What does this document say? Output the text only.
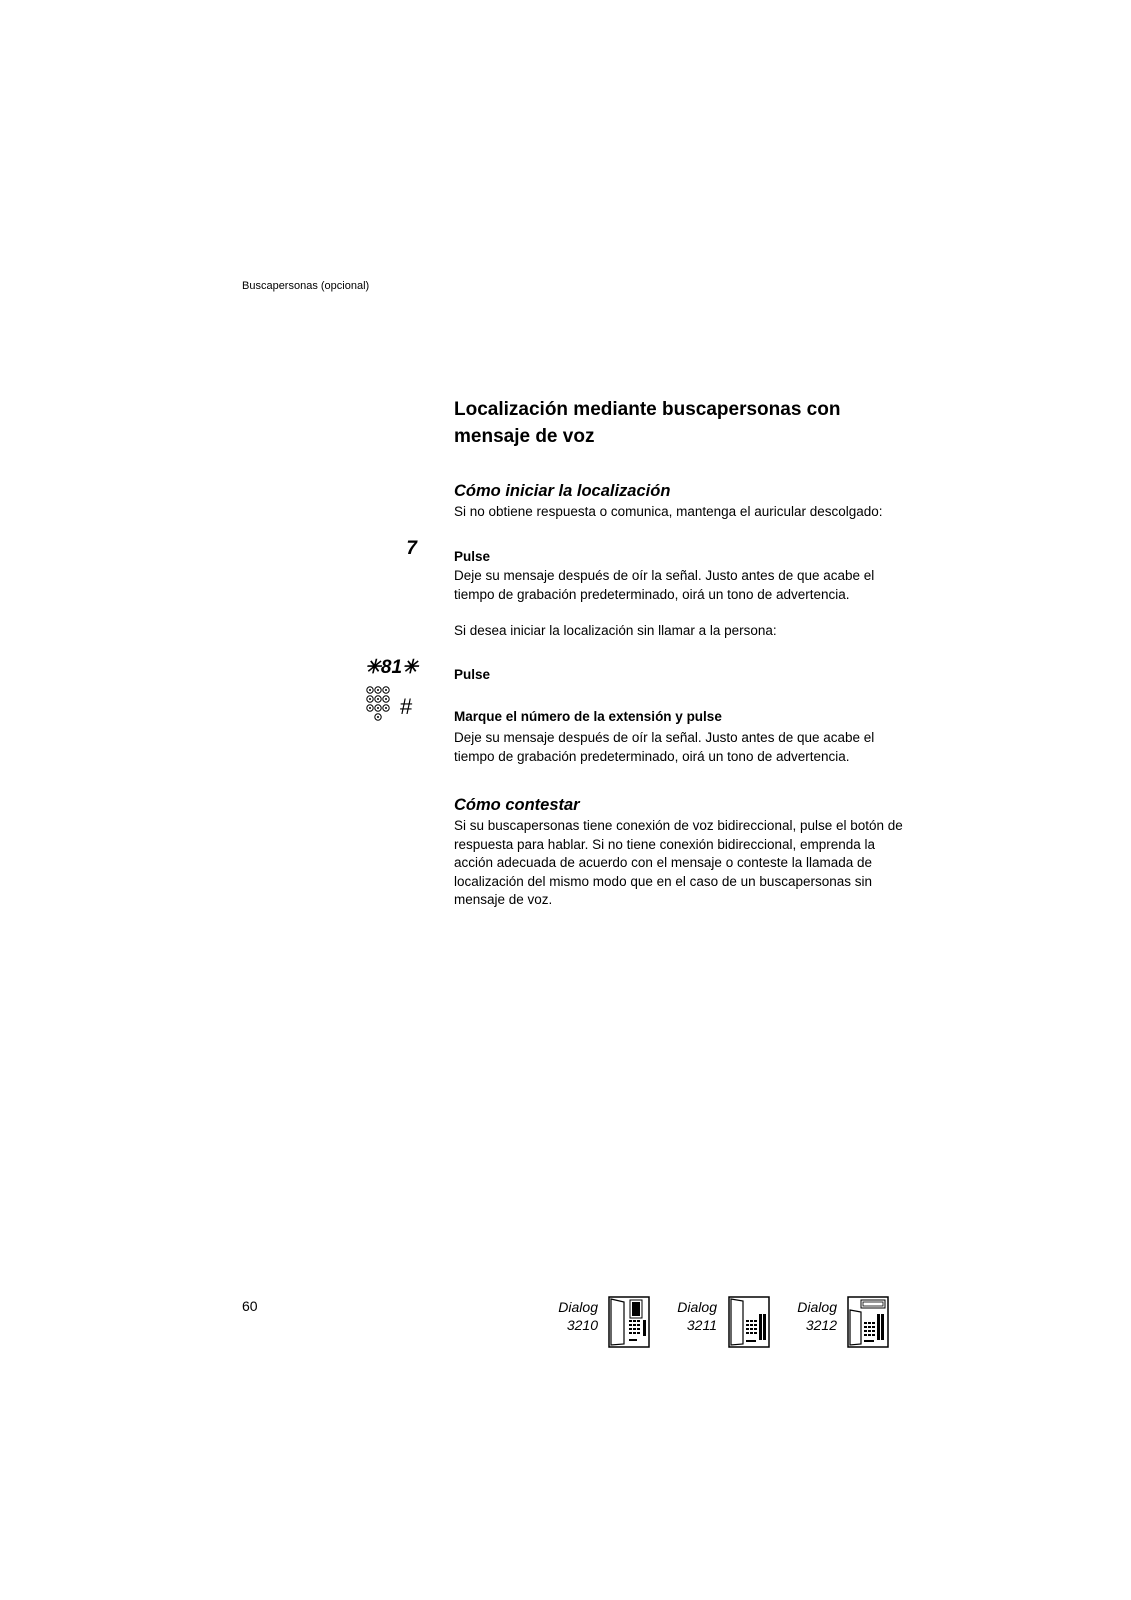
Buscapersonas (opcional)
Localización mediante buscapersonas con mensaje de voz
Cómo iniciar la localización
Si no obtiene respuesta o comunica, mantenga el auricular descolgado:
7	Pulse
Deje su mensaje después de oír la señal. Justo antes de que acabe el tiempo de grabación predeterminado, oirá un tono de advertencia.
Si desea iniciar la localización sin llamar a la persona:
✳81✳	Pulse
#	Marque el número de la extensión y pulse
Deje su mensaje después de oír la señal. Justo antes de que acabe el tiempo de grabación predeterminado, oirá un tono de advertencia.
Cómo contestar
Si su buscapersonas tiene conexión de voz bidireccional, pulse el botón de respuesta para hablar. Si no tiene conexión bidireccional, emprenda la acción adecuada de acuerdo con el mensaje o conteste la llamada de localización del mismo modo que en el caso de un buscapersonas sin mensaje de voz.
60	Dialog
3210
Dialog
3211
Dialog
3212
